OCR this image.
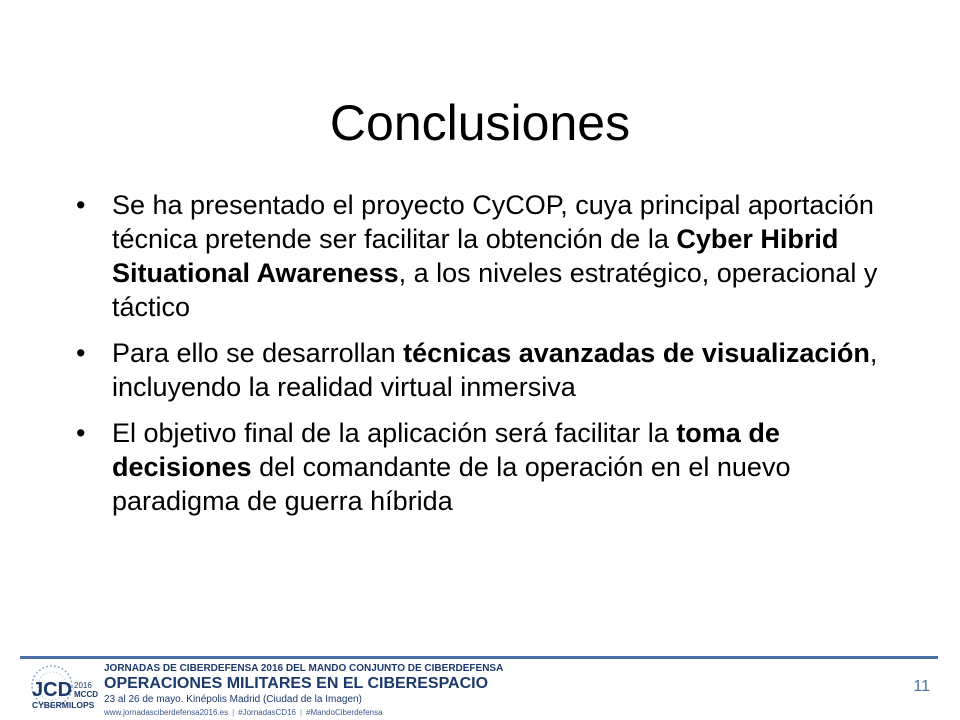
Conclusiones
• Se ha presentado el proyecto CyCOP, cuya principal aportación técnica pretende ser facilitar la obtención de la Cyber Hibrid Situational Awareness, a los niveles estratégico, operacional y táctico
• Para ello se desarrollan técnicas avanzadas de visualización, incluyendo la realidad virtual inmersiva
• El objetivo final de la aplicación será facilitar la toma de decisiones del comandante de la operación en el nuevo paradigma de guerra híbrida
JCD 2016
MCCD
CYBERMILOPS
JORNADAS DE CIBERDEFENSA 2016 DEL MANDO CONJUNTO DE CIBERDEFENSA
OPERACIONES MILITARES EN EL CIBERESPACIO
23 al 26 de mayo. Kinépolis Madrid (Ciudad de la Imagen)
www.jornadasciberdefensa2016.es | #JornadasCD16 | #MandoCiberdefensa
11
